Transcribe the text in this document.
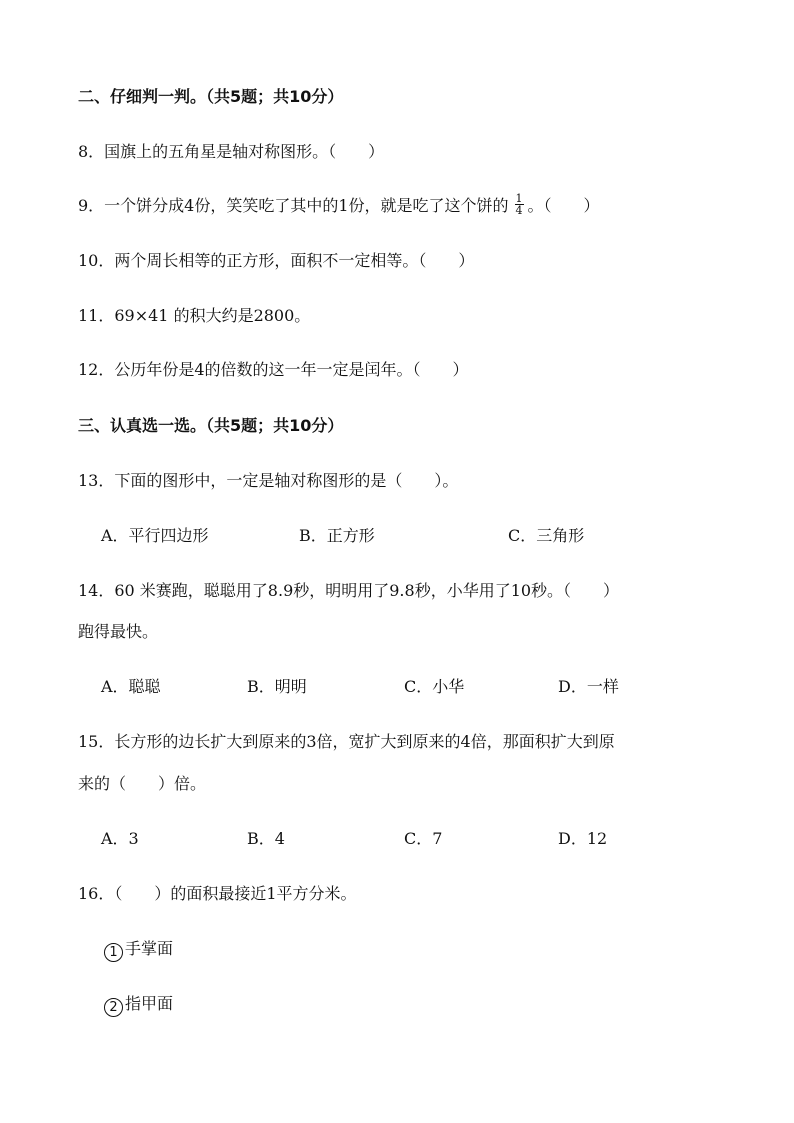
二、仔细判一判。（共5题；共10分）
8．国旗上的五角星是轴对称图形。（　　）
9．一个饼分成4份，笑笑吃了其中的1份，就是吃了这个饼的 $\frac{1}{4}$ 。（　　）
10．两个周长相等的正方形，面积不一定相等。（　　）
11．69×41 的积大约是2800。
12．公历年份是4的倍数的这一年一定是闰年。（　　）
三、认真选一选。（共5题；共10分）
13．下面的图形中，一定是轴对称图形的是（　　）。
A．平行四边形	B．正方形	C．三角形
14．60 米赛跑，聪聪用了8.9秒，明明用了9.8秒，小华用了10秒。（　　）
跑得最快。
A．聪聪	B．明明	C．小华	D．一样
15．长方形的边长扩大到原来的3倍，宽扩大到原来的4倍，那面积扩大到原
来的（　　）倍。
A．3	B．4	C．7	D．12
16．（　　）的面积最接近1平方分米。
1 手掌面
2 指甲面
